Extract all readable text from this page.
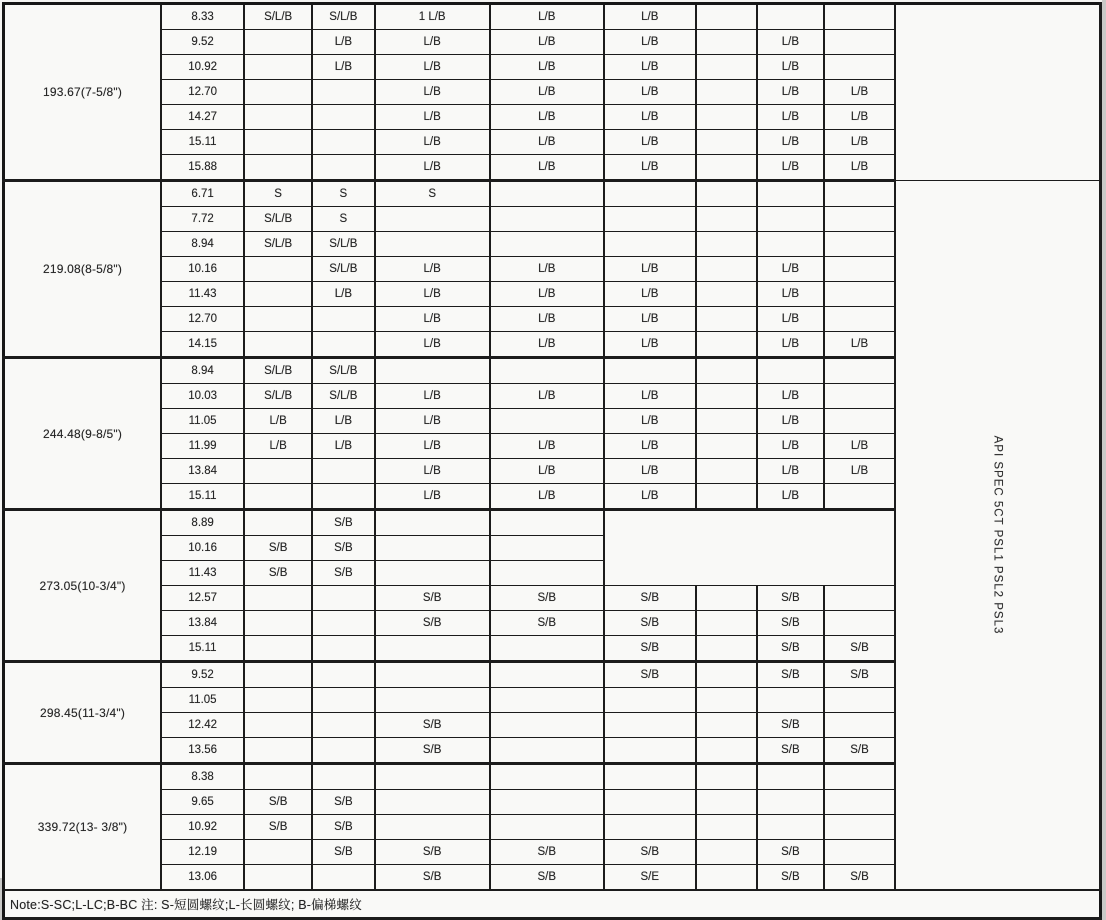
193.67(7-5/8")	8.33	S/L/B	S/L/B	1 L/B	L/B	L/B				
	9.52		L/B	L/B	L/B	L/B		L/B		
	10.92		L/B	L/B	L/B	L/B		L/B		
	12.70			L/B	L/B	L/B		L/B	L/B	
	14.27			L/B	L/B	L/B		L/B	L/B	
	15.11			L/B	L/B	L/B		L/B	L/B	
	15.88			L/B	L/B	L/B		L/B	L/B	
219.08(8-5/8")	6.71	S	S	S						API SPEC 5CT PSL1 PSL2 PSL3
	7.72	S/L/B	S							
	8.94	S/L/B	S/L/B							
	10.16		S/L/B	L/B	L/B	L/B		L/B		
	11.43		L/B	L/B	L/B	L/B		L/B		
	12.70			L/B	L/B	L/B		L/B		
	14.15			L/B	L/B	L/B		L/B	L/B	
244.48(9-8/5")	8.94	S/L/B	S/L/B							
	10.03	S/L/B	S/L/B	L/B	L/B	L/B		L/B		
	11.05	L/B	L/B	L/B		L/B		L/B		
	11.99	L/B	L/B	L/B	L/B	L/B		L/B	L/B	
	13.84			L/B	L/B	L/B		L/B	L/B	
	15.11			L/B	L/B	L/B		L/B		
273.05(10-3/4")	8.89		S/B							
	10.16	S/B	S/B							
	11.43	S/B	S/B							
	12.57			S/B	S/B	S/B		S/B		
	13.84			S/B	S/B	S/B		S/B		
	15.11					S/B		S/B	S/B	
298.45(11-3/4")	9.52					S/B		S/B	S/B	
	11.05									
	12.42			S/B				S/B		
	13.56			S/B				S/B	S/B	
339.72(13- 3/8")	8.38									
	9.65	S/B	S/B							
	10.92	S/B	S/B							
	12.19		S/B	S/B	S/B	S/B		S/B		
	13.06			S/B	S/B	S/E		S/B	S/B	
Note:S-SC;L-LC;B-BC 注: S-短圆螺纹;L-长圆螺纹; B-偏梯螺纹										
